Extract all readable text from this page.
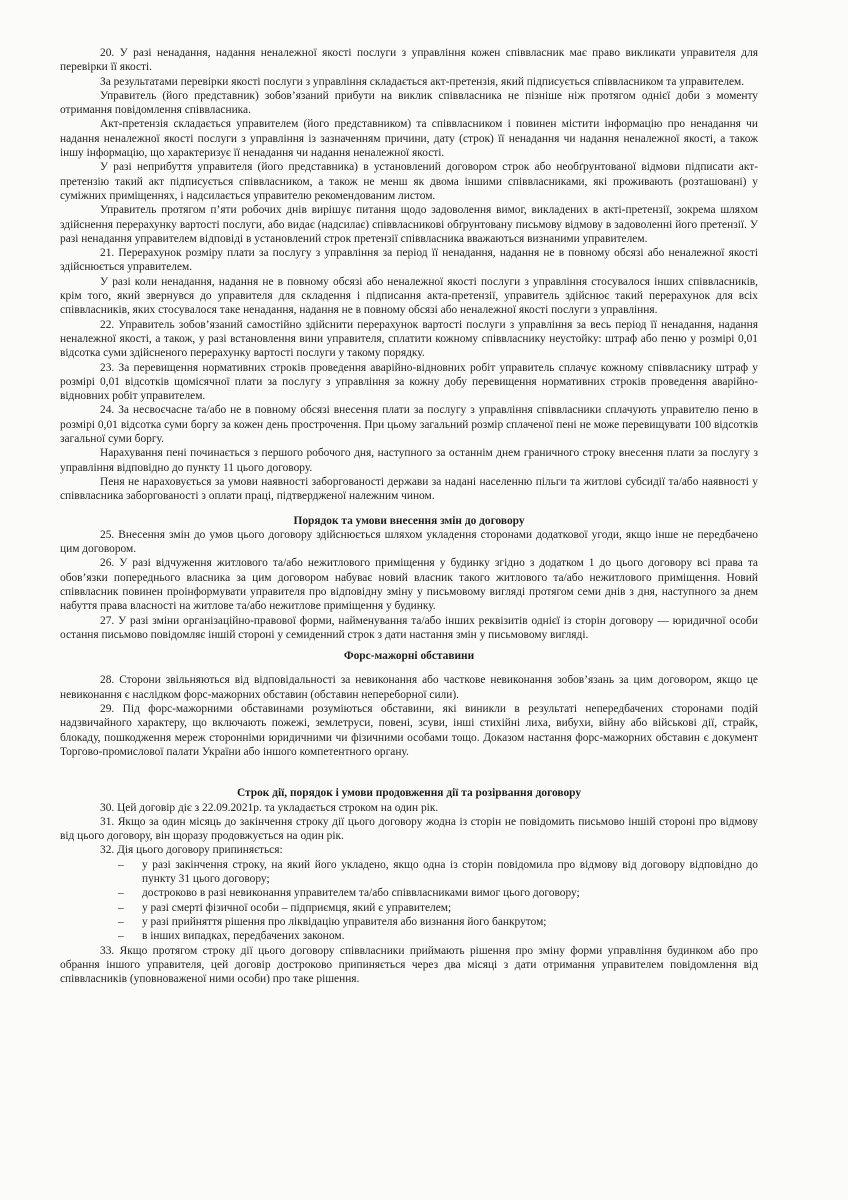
20. У разі ненадання, надання неналежної якості послуги з управління кожен співвласник має право викликати управителя для перевірки її якості.

За результатами перевірки якості послуги з управління складається акт-претензія, який підписується співвласником та управителем.

Управитель (його представник) зобов’язаний прибути на виклик співвласника не пізніше ніж протягом однієї доби з моменту отримання повідомлення співвласника.

Акт-претензія складається управителем (його представником) та співвласником і повинен містити інформацію про ненадання чи надання неналежної якості послуги з управління із зазначенням причини, дату (строк) її ненадання чи надання неналежної якості, а також іншу інформацію, що характеризує її ненадання чи надання неналежної якості.

У разі неприбуття управителя (його представника) в установлений договором строк або необґрунтованої відмови підписати акт-претензію такий акт підписується співвласником, а також не менш як двома іншими співвласниками, які проживають (розташовані) у суміжних приміщеннях, і надсилається управителю рекомендованим листом.

Управитель протягом п’яти робочих днів вирішує питання щодо задоволення вимог, викладених в акті-претензії, зокрема шляхом здійснення перерахунку вартості послуги, або видає (надсилає) співвласникові обґрунтовану письмову відмову в задоволенні його претензії. У разі ненадання управителем відповіді в установлений строк претензії співвласника вважаються визнаними управителем.

21. Перерахунок розміру плати за послугу з управління за період її ненадання, надання не в повному обсязі або неналежної якості здійснюється управителем.

У разі коли ненадання, надання не в повному обсязі або неналежної якості послуги з управління стосувалося інших співвласників, крім того, який звернувся до управителя для складення і підписання акта-претензії, управитель здійснює такий перерахунок для всіх співвласників, яких стосувалося таке ненадання, надання не в повному обсязі або неналежної якості послуги з управління.

22. Управитель зобов’язаний самостійно здійснити перерахунок вартості послуги з управління за весь період її ненадання, надання неналежної якості, а також, у разі встановлення вини управителя, сплатити кожному співвласнику неустойку: штраф або пеню у розмірі 0,01 відсотка суми здійсненого перерахунку вартості послуги у такому порядку.

23. За перевищення нормативних строків проведення аварійно-відновних робіт управитель сплачує кожному співвласнику штраф у розмірі 0,01 відсотків щомісячної плати за послугу з управління за кожну добу перевищення нормативних строків проведення аварійно-відновних робіт управителем.

24. За несвоєчасне та/або не в повному обсязі внесення плати за послугу з управління співвласники сплачують управителю пеню в розмірі 0,01 відсотка суми боргу за кожен день прострочення. При цьому загальний розмір сплаченої пені не може перевищувати 100 відсотків загальної суми боргу.

Нарахування пені починається з першого робочого дня, наступного за останнім днем граничного строку внесення плати за послугу з управління відповідно до пункту 11 цього договору.

Пеня не нараховується за умови наявності заборгованості держави за надані населенню пільги та житлові субсидії та/або наявності у співвласника заборгованості з оплати праці, підтвердженої належним чином.

Порядок та умови внесення змін до договору

25. Внесення змін до умов цього договору здійснюється шляхом укладення сторонами додаткової угоди, якщо інше не передбачено цим договором.

26. У разі відчуження житлового та/або нежитлового приміщення у будинку згідно з додатком 1 до цього договору всі права та обов’язки попереднього власника за цим договором набуває новий власник такого житлового та/або нежитлового приміщення. Новий співвласник повинен проінформувати управителя про відповідну зміну у письмовому вигляді протягом семи днів з дня, наступного за днем набуття права власності на житлове та/або нежитлове приміщення у будинку.

27. У разі зміни організаційно-правової форми, найменування та/або інших реквізитів однієї із сторін договору — юридичної особи остання письмово повідомляє іншій стороні у семиденний строк з дати настання змін у письмовому вигляді.

Форс-мажорні обставини

28. Сторони звільняються від відповідальності за невиконання або часткове невиконання зобов’язань за цим договором, якщо це невиконання є наслідком форс-мажорних обставин (обставин непереборної сили).

29. Під форс-мажорними обставинами розуміються обставини, які виникли в результаті непередбачених сторонами подій надзвичайного характеру, що включають пожежі, землетруси, повені, зсуви, інші стихійні лиха, вибухи, війну або військові дії, страйк, блокаду, пошкодження мереж сторонніми юридичними чи фізичними особами тощо. Доказом настання форс-мажорних обставин є документ Торгово-промислової палати України або іншого компетентного органу.

Строк дії, порядок і умови продовження дії та розірвання договору

30. Цей договір діє з 22.09.2021р. та укладається строком на один рік.

31. Якщо за один місяць до закінчення строку дії цього договору жодна із сторін не повідомить письмово іншій стороні про відмову від цього договору, він щоразу продовжується на один рік.

32. Дія цього договору припиняється:

– у разі закінчення строку, на який його укладено, якщо одна із сторін повідомила про відмову від договору відповідно до пункту 31 цього договору;
– достроково в разі невиконання управителем та/або співвласниками вимог цього договору;
– у разі смерті фізичної особи – підприємця, який є управителем;
– у разі прийняття рішення про ліквідацію управителя або визнання його банкрутом;
– в інших випадках, передбачених законом.

33. Якщо протягом строку дії цього договору співвласники приймають рішення про зміну форми управління будинком або про обрання іншого управителя, цей договір достроково припиняється через два місяці з дати отримання управителем повідомлення від співвласників (уповноваженої ними особи) про таке рішення.
